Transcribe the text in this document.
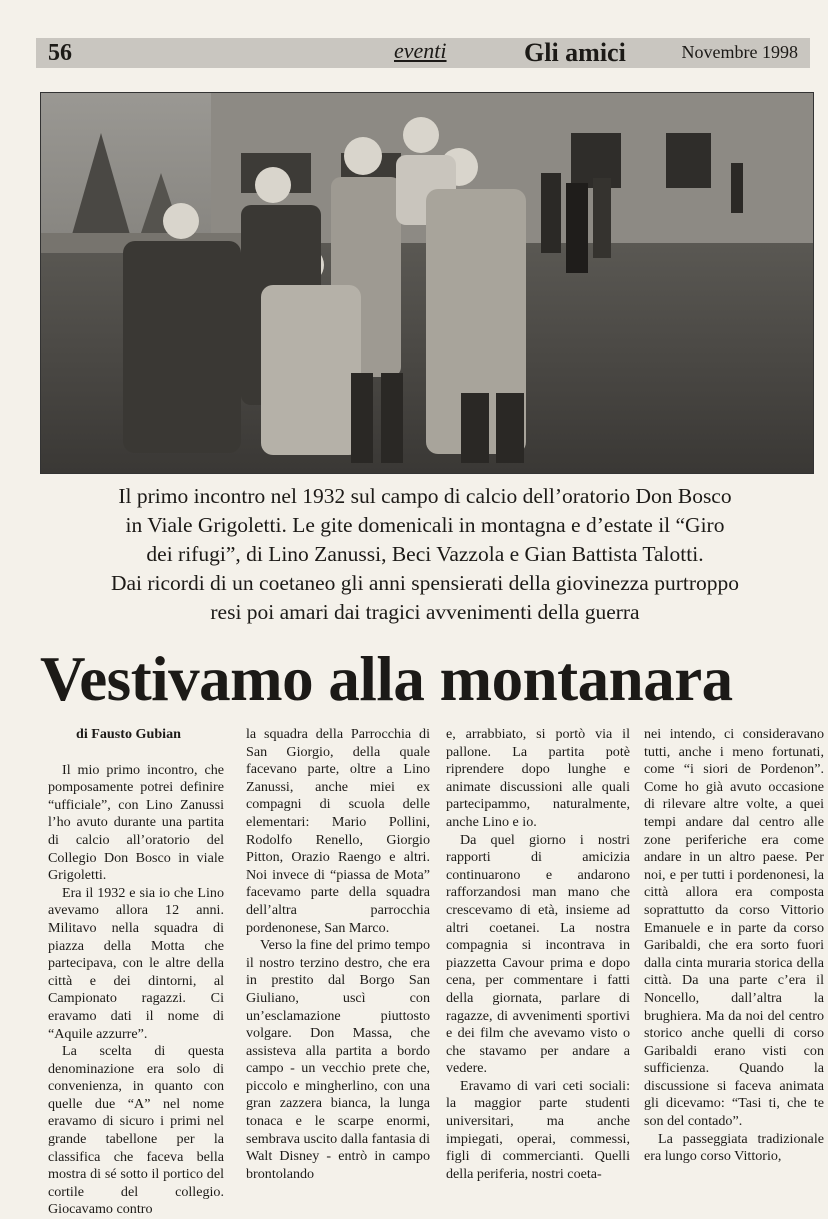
56	eventi	Gli amici	Novembre 1998

Il primo incontro nel 1932 sul campo di calcio dell’oratorio Don Bosco

in Viale Grigoletti. Le gite domenicali in montagna e d’estate il “Giro

dei rifugi”, di Lino Zanussi, Beci Vazzola e Gian Battista Talotti.

Dai ricordi di un coetaneo gli anni spensierati della giovinezza purtroppo

resi poi amari dai tragici avvenimenti della guerra

Vestivamo alla montanara

di Fausto Gubian

Il mio primo incontro, che pomposamente potrei definire “ufficiale”, con Lino Zanussi l’ho avuto durante una partita di calcio all’oratorio del Collegio Don Bosco in viale Grigoletti.

Era il 1932 e sia io che Lino avevamo allora 12 anni. Militavo nella squadra di piazza della Motta che partecipava, con le altre della città e dei dintorni, al Campionato ragazzi. Ci eravamo dati il nome di “Aquile azzurre”.

La scelta di questa denominazione era solo di convenienza, in quanto con quelle due “A” nel nome eravamo di sicuro i primi nel grande tabellone per la classifica che faceva bella mostra di sé sotto il portico del cortile del collegio. Giocavamo contro

la squadra della Parrocchia di San Giorgio, della quale facevano parte, oltre a Lino Zanussi, anche miei ex compagni di scuola delle elementari: Mario Pollini, Rodolfo Renello, Giorgio Pitton, Orazio Raengo e altri. Noi invece di “piassa de Mota” facevamo parte della squadra dell’altra parrocchia pordenonese, San Marco.

Verso la fine del primo tempo il nostro terzino destro, che era in prestito dal Borgo San Giuliano, uscì con un’esclamazione piuttosto volgare. Don Massa, che assisteva alla partita a bordo campo - un vecchio prete che, piccolo e mingherlino, con una gran zazzera bianca, la lunga tonaca e le scarpe enormi, sembrava uscito dalla fantasia di Walt Disney - entrò in campo brontolando

e, arrabbiato, si portò via il pallone. La partita potè riprendere dopo lunghe e animate discussioni alle quali partecipammo, naturalmente, anche Lino e io.

Da quel giorno i nostri rapporti di amicizia continuarono e andarono rafforzandosi man mano che crescevamo di età, insieme ad altri coetanei. La nostra compagnia si incontrava in piazzetta Cavour prima e dopo cena, per commentare i fatti della giornata, parlare di ragazze, di avvenimenti sportivi e dei film che avevamo visto o che stavamo per andare a vedere.

Eravamo di vari ceti sociali: la maggior parte studenti universitari, ma anche impiegati, operai, commessi, figli di commercianti. Quelli della periferia, nostri coeta-

nei intendo, ci consideravano tutti, anche i meno fortunati, come “i siori de Pordenon”. Come ho già avuto occasione di rilevare altre volte, a quei tempi andare dal centro alle zone periferiche era come andare in un altro paese. Per noi, e per tutti i pordenonesi, la città allora era composta soprattutto da corso Vittorio Emanuele e in parte da corso Garibaldi, che era sorto fuori dalla cinta muraria storica della città. Da una parte c’era il Noncello, dall’altra la brughiera. Ma da noi del centro storico anche quelli di corso Garibaldi erano visti con sufficienza. Quando la discussione si faceva animata gli dicevamo: “Tasi ti, che te son del contado”.

La passeggiata tradizionale era lungo corso Vittorio,
